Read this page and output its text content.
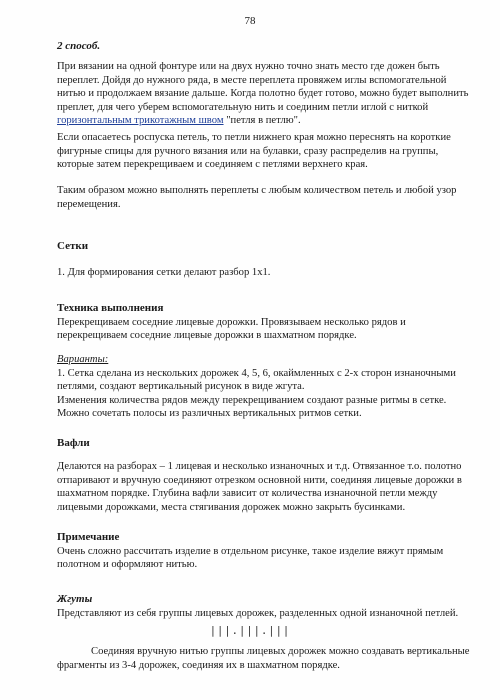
78

2 способ.

При вязании на одной фонтуре или на двух нужно точно знать место где дожен быть переплет. Дойдя до нужного ряда, в месте переплета провяжем иглы вспомогательной нитью и продолжаем вязание дальше. Когда полотно будет готово, можно будет выполнить преплет, для чего уберем вспомогательную нить и соединим петли иглой с ниткой горизонтальным трикотажным швом "петля в петлю".

Если опасаетесь роспуска петель, то петли нижнего края можно переснять на короткие фигурные спицы для ручного вязания или на булавки, сразу распределив на группы, которые затем перекрещиваем и соединяем с петлями верхнего края.

Таким образом можно выполнять переплеты с любым количеством петель и любой узор перемещения.

Сетки

1. Для формирования сетки делают разбор 1х1.

Техника выполнения

Перекрещиваем соседние лицевые дорожки. Провязываем несколько рядов и перекрещиваем соседние лицевые дорожки в шахматном порядке.

Варианты:

1. Сетка сделана из нескольких дорожек 4, 5, 6, окаймленных с 2-х сторон изнаночными петлями, создают вертикальный рисунок в виде жгута.

Изменения количества рядов между перекрещиванием создают разные ритмы в сетке. Можно сочетать полосы из различных вертикальных ритмов сетки.

Вафли

Делаются на разборах – 1 лицевая и несколько изнаночных и т.д. Отвязанное т.о. полотно отпаривают и вручную соединяют отрезком основной нити, соединяя лицевые дорожки в шахматном порядке. Глубина вафли зависит от количества изнаночной петли между лицевыми дорожками, места стягивания дорожек можно закрыть бусинками.

Примечание

Очень сложно рассчитать изделие в отдельном рисунке, такое изделие вяжут прямым полотном и оформляют нитью.

Жгуты

Представляют из себя группы лицевых дорожек, разделенных одной изнаночной петлей.

|||.|||.|||

Соединяя вручную нитью группы лицевых дорожек можно создавать вертикальные фрагменты из 3-4 дорожек, соединяя их в шахматном порядке.
